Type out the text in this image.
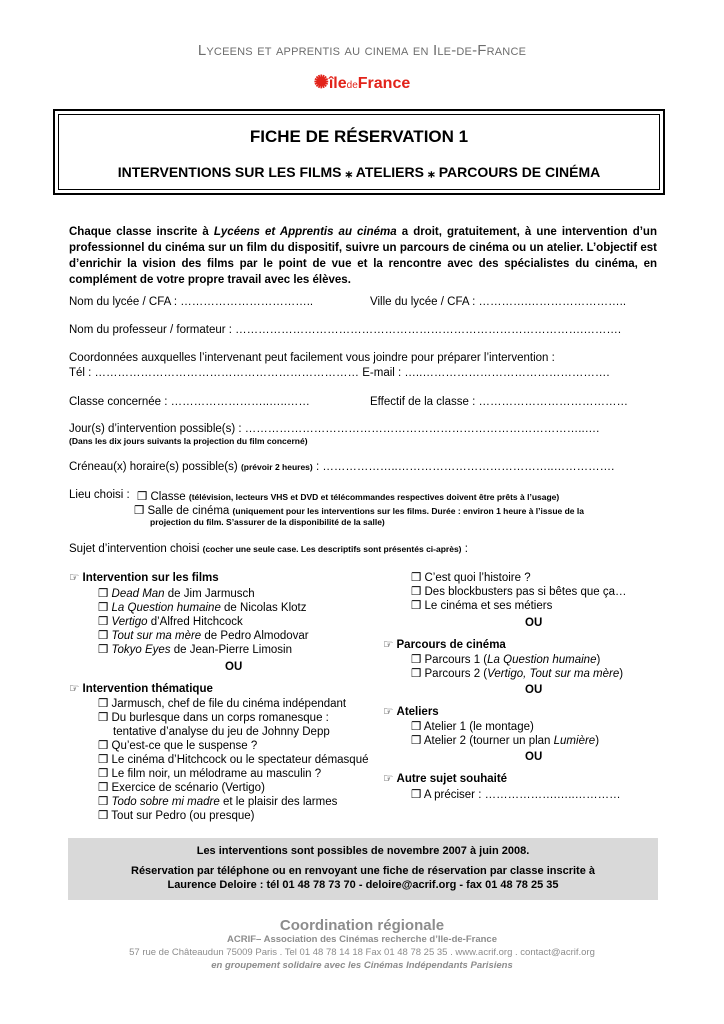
Lyceens et apprentis au cinema en Ile-de-France
✺îledeFrance
FICHE DE RÉSERVATION 1
INTERVENTIONS SUR LES FILMS ⁎ ATELIERS ⁎ PARCOURS DE CINÉMA
Chaque classe inscrite à Lycéens et Apprentis au cinéma a droit, gratuitement, à une intervention d’un professionnel du cinéma sur un film du dispositif, suivre un parcours de cinéma ou un atelier. L’objectif est d’enrichir la vision des films par le point de vue et la rencontre avec des spécialistes du cinéma, en complément de votre propre travail avec les élèves.
Nom du lycée / CFA : ……………………………..	Ville du lycée / CFA : ………….……………………..
Nom du professeur / formateur : ……………………………………………………………………………….……….
Coordonnées auxquelles l’intervenant peut facilement vous joindre pour préparer l’intervention :
Tél : …………………………………………………………… E-mail : …..………………………………………….
Classe concernée : ……………………..…..……	Effectif de la classe : …………………………………
Jour(s) d’intervention possible(s) : ……………………………………………………………………………..….
(Dans les dix jours suivants la projection du film concerné)
Créneau(x) horaire(s) possible(s) (prévoir 2 heures) : ………………..…………………………………..…………….
Lieu choisi : ❒ Classe (télévision, lecteurs VHS et DVD et télécommandes respectives doivent être prêts à l’usage)
❒ Salle de cinéma (uniquement pour les interventions sur les films. Durée : environ 1 heure à l’issue de la
projection du film. S’assurer de la disponibilité de la salle)
Sujet d’intervention choisi (cocher une seule case. Les descriptifs sont présentés ci-après) :
☞ Intervention sur les films
❒ Dead Man de Jim Jarmusch
❒ La Question humaine de Nicolas Klotz
❒ Vertigo d’Alfred Hitchcock
❒ Tout sur ma mère de Pedro Almodovar
❒ Tokyo Eyes de Jean-Pierre Limosin
OU
☞ Intervention thématique
❒ Jarmusch, chef de file du cinéma indépendant
❒ Du burlesque dans un corps romanesque :
tentative d’analyse du jeu de Johnny Depp
❒ Qu’est-ce que le suspense ?
❒ Le cinéma d’Hitchcock ou le spectateur démasqué
❒ Le film noir, un mélodrame au masculin ?
❒ Exercice de scénario (Vertigo)
❒ Todo sobre mi madre et le plaisir des larmes
❒ Tout sur Pedro (ou presque)
❒ C’est quoi l’histoire ?
❒ Des blockbusters pas si bêtes que ça…
❒ Le cinéma et ses métiers
OU
☞ Parcours de cinéma
❒ Parcours 1 (La Question humaine)
❒ Parcours 2 (Vertigo, Tout sur ma mère)
OU
☞ Ateliers
❒ Atelier 1 (le montage)
❒ Atelier 2 (tourner un plan Lumière)
OU
☞ Autre sujet souhaité
❒ A préciser : ……………….…..…………
Les interventions sont possibles de novembre 2007 à juin 2008.
Réservation par téléphone ou en renvoyant une fiche de réservation par classe inscrite à
Laurence Deloire : tél 01 48 78 73 70 - deloire@acrif.org - fax 01 48 78 25 35
Coordination régionale
ACRIF– Association des Cinémas recherche d’Ile-de-France
57 rue de Châteaudun 75009 Paris . Tel 01 48 78 14 18 Fax 01 48 78 25 35 . www.acrif.org . contact@acrif.org
en groupement solidaire avec les Cinémas Indépendants Parisiens
